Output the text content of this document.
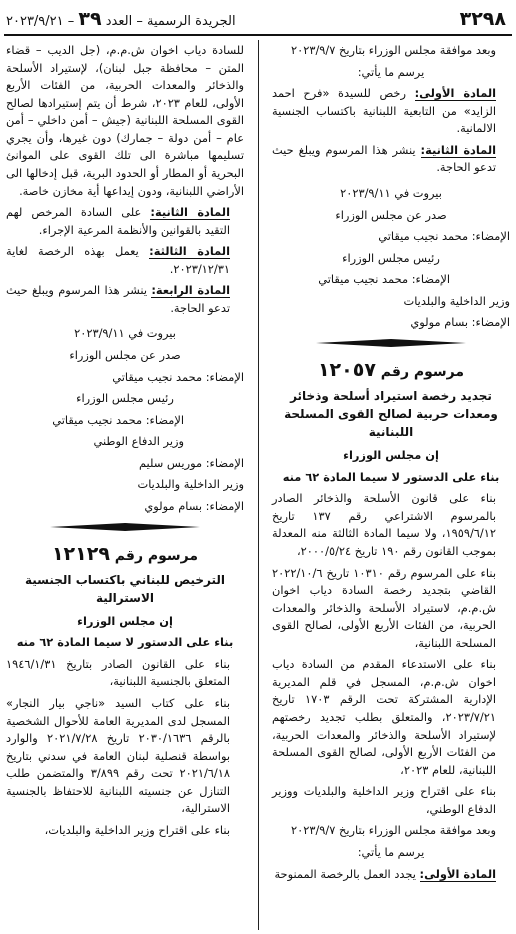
٣٢٩٨
الجريدة الرسمية – العدد ٣٩ – ٢٠٢٣/٩/٢١

وبعد موافقة مجلس الوزراء بتاريخ ٢٠٢٣/٩/٧

يرسم ما يأتي:

المادة الأولى: رخص للسيدة «فرح احمد الزايد» من التابعية اللبنانية باكتساب الجنسية الالمانية.

المادة الثانية: ينشر هذا المرسوم ويبلغ حيث تدعو الحاجة.

بيروت في ٢٠٢٣/٩/١١

صدر عن مجلس الوزراء

الإمضاء: محمد نجيب ميقاتي

رئيس مجلس الوزراء

الإمضاء: محمد نجيب ميقاتي

وزير الداخلية والبلديات

الإمضاء: بسام مولوي

مرسوم رقم ١٢٠٥٧
تجديد رخصة استيراد أسلحة وذخائر ومعدات حربية لصالح القوى المسلحة اللبنانية

إن مجلس الوزراء

بناء على الدستور لا سيما المادة ٦٢ منه

بناء على قانون الأسلحة والذخائر الصادر بالمرسوم الاشتراعي رقم ١٣٧ تاريخ ١٩٥٩/٦/١٢، ولا سيما المادة الثالثة منه المعدلة بموجب القانون رقم ١٩٠ تاريخ ٢٠٠٠/٥/٢٤،

بناء على المرسوم رقم ١٠٣١٠ تاريخ ٢٠٢٢/١٠/٦ القاضي بتجديد رخصة السادة دياب اخوان ش.م.م، لاستيراد الأسلحة والذخائر والمعدات الحربية، من الفئات الأربع الأولى، لصالح القوى المسلحة اللبنانية،

بناء على الاستدعاء المقدم من السادة دياب اخوان ش.م.م، المسجل في قلم المديرية الإدارية المشتركة تحت الرقم ١٧٠٣ تاريخ ٢٠٢٣/٧/٢١، والمتعلق بطلب تجديد رخصتهم لإستيراد الأسلحة والذخائر والمعدات الحربية، من الفئات الأربع الأولى، لصالح القوى المسلحة اللبنانية، للعام ٢٠٢٣،

بناء على اقتراح وزير الداخلية والبلديات ووزير الدفاع الوطني،

وبعد موافقة مجلس الوزراء بتاريخ ٢٠٢٣/٩/٧

يرسم ما يأتي:

المادة الأولى: يجدد العمل بالرخصة الممنوحة

للسادة دياب اخوان ش.م.م، (جل الديب – قضاء المتن – محافظة جبل لبنان)، لإستيراد الأسلحة والذخائر والمعدات الحربية، من الفئات الأربع الأولى، للعام ٢٠٢٣، شرط أن يتم إستيرادها لصالح القوى المسلحة اللبنانية (جيش – أمن داخلي – أمن عام – أمن دولة – جمارك) دون غيرها، وأن يجري تسليمها مباشرة الى تلك القوى على الموانئ البحرية أو المطار أو الحدود البرية، قبل إدخالها الى الأراضي اللبنانية، ودون إيداعها أية مخازن خاصة.

المادة الثانية: على السادة المرخص لهم التقيد بالقوانين والأنظمة المرعية الإجراء.

المادة الثالثة: يعمل بهذه الرخصة لغاية ٢٠٢٣/١٢/٣١.

المادة الرابعة: ينشر هذا المرسوم ويبلغ حيث تدعو الحاجة.

بيروت في ٢٠٢٣/٩/١١

صدر عن مجلس الوزراء

الإمضاء: محمد نجيب ميقاتي

رئيس مجلس الوزراء

الإمضاء: محمد نجيب ميقاتي

وزير الدفاع الوطني

الإمضاء: موريس سليم

وزير الداخلية والبلديات

الإمضاء: بسام مولوي

مرسوم رقم ١٢١٢٩
الترخيص للبناني باكتساب الجنسية الاسترالية

إن مجلس الوزراء

بناء على الدستور لا سيما المادة ٦٢ منه

بناء على القانون الصادر بتاريخ ١٩٤٦/١/٣١ المتعلق بالجنسية اللبنانية،

بناء على كتاب السيد «ناجي بيار النجار» المسجل لدى المديرية العامة للأحوال الشخصية بالرقم ٢٠٣٠/١٦٣٦ تاريخ ٢٠٢١/٧/٢٨ والوارد بواسطة قنصلية لبنان العامة في سدني بتاريخ ٢٠٢١/٦/١٨ تحت رقم ٣/٨٩٩ والمتضمن طلب التنازل عن جنسيته اللبنانية للاحتفاظ بالجنسية الاسترالية،

بناء على اقتراح وزير الداخلية والبلديات،
